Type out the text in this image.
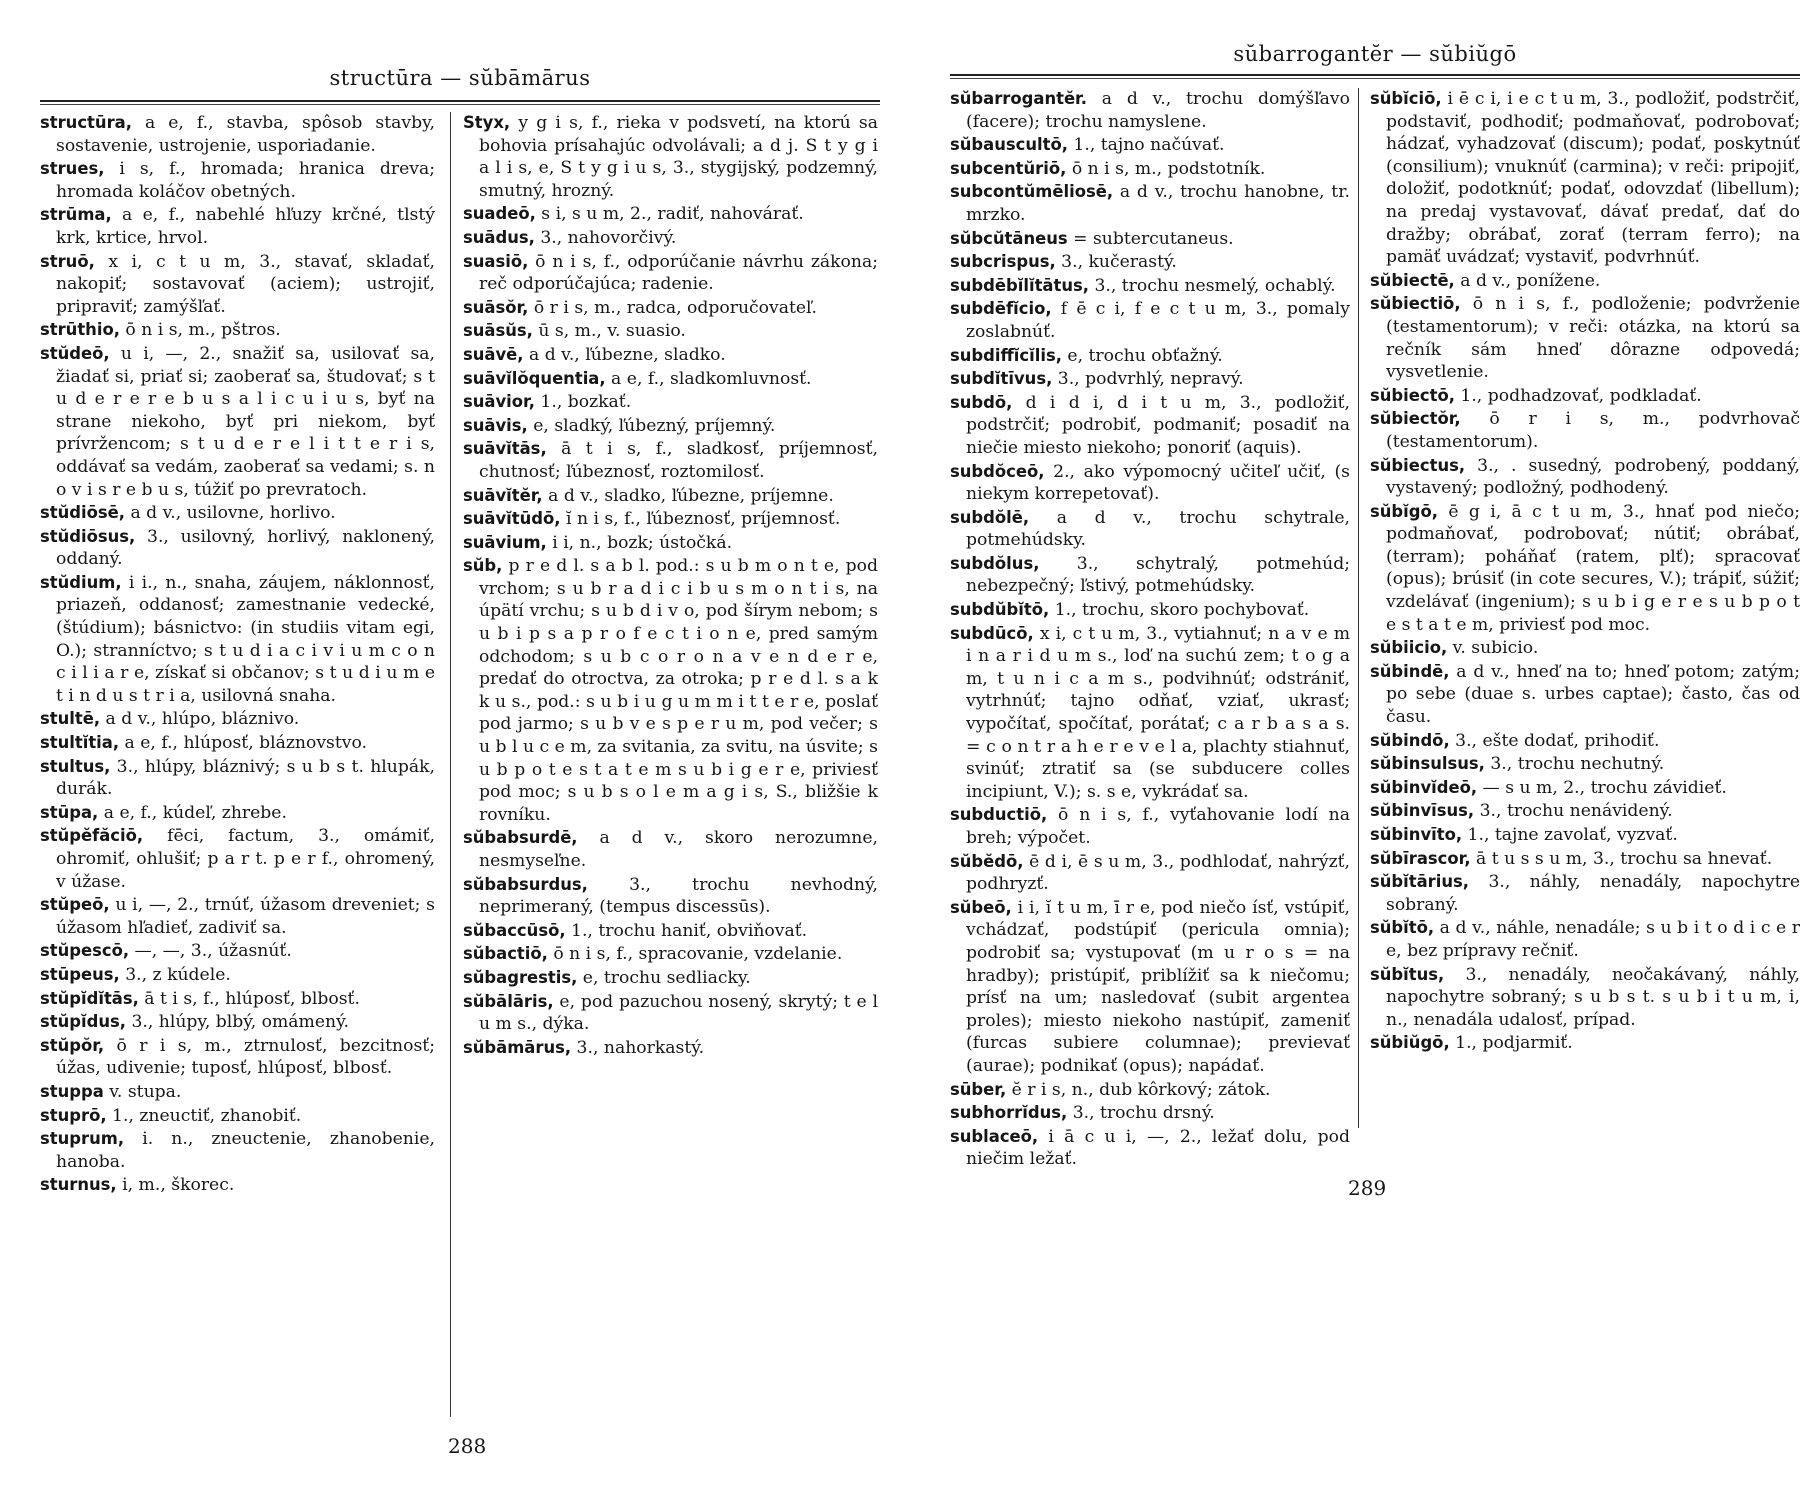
structūra — sŭbāmārus

structūra, a e, f., stavba, spôsob stavby, sostavenie, ustrojenie, usporiadanie.

strues, i s, f., hromada; hranica dreva; hromada koláčov obetných.

strūma, a e, f., nabehlé hľuzy krčné, tlstý krk, krtice, hrvol.

struō, x i, c t u m, 3., stavať, skladať, nakopiť; sostavovať (aciem); ustrojiť, pripraviť; zamýšľať.

strūthio, ō n i s, m., pštros.

stŭdeō, u i, —, 2., snažiť sa, usilovať sa, žiadať si, priať si; zaoberať sa, študovať; s t u d e r e r e b u s a l i c u i u s, byť na strane niekoho, byť pri niekom, byť prívržencom; s t u d e r e l i t t e r i s, oddávať sa vedám, zaoberať sa vedami; s. n o v i s r e b u s, túžiť po prevratoch.

stŭdiōsē, a d v., usilovne, horlivo.

stŭdiōsus, 3., usilovný, horlivý, naklonený, oddaný.

stŭdium, i i., n., snaha, záujem, náklonnosť, priazeň, oddanosť; zamestnanie vedecké, (štúdium); básnictvo: (in studiis vitam egi, O.); stranníctvo; s t u d i a c i v i u m c o n c i l i a r e, získať si občanov; s t u d i u m e t i n d u s t r i a, usilovná snaha.

stultē, a d v., hlúpo, bláznivo.

stultĭtia, a e, f., hlúposť, bláznovstvo.

stultus, 3., hlúpy, bláznivý; s u b s t. hlupák, durák.

stūpa, a e, f., kúdeľ, zhrebe.

stŭpĕfăciō, fēci, factum, 3., omámiť, ohromiť, ohlušiť; p a r t. p e r f., ohromený, v úžase.

stŭpeō, u i, —, 2., trnúť, úžasom dreveniet; s úžasom hľadieť, zadiviť sa.

stŭpescō, —, —, 3., úžasnúť.

stūpeus, 3., z kúdele.

stŭpĭdĭtās, ā t i s, f., hlúposť, blbosť.

stŭpĭdus, 3., hlúpy, blbý, omámený.

stŭpŏr, ō r i s, m., ztrnulosť, bezcitnosť; úžas, udivenie; tuposť, hlúposť, blbosť.

stuppa v. stupa.

stuprō, 1., zneuctiť, zhanobiť.

stuprum, i. n., zneuctenie, zhanobenie, hanoba.

sturnus, i, m., škorec.

Styx, y g i s, f., rieka v podsvetí, na ktorú sa bohovia prísahajúc odvolávali; a d j. S t y g i a l i s, e, S t y g i u s, 3., stygijský, podzemný, smutný, hrozný.

suadeō, s i, s u m, 2., radiť, nahovárať.

suādus, 3., nahovorčivý.

suasiō, ō n i s, f., odporúčanie návrhu zákona; reč odporúčajúca; radenie.

suāsŏr, ō r i s, m., radca, odporučovateľ.

suāsŭs, ū s, m., v. suasio.

suāvē, a d v., ľúbezne, sladko.

suāvĭlŏquentia, a e, f., sladkomluvnosť.

suāvior, 1., bozkať.

suāvis, e, sladký, ľúbezný, príjemný.

suāvĭtās, ā t i s, f., sladkosť, príjemnosť, chutnosť; ľúbeznosť, roztomilosť.

suāvĭtĕr, a d v., sladko, ľúbezne, príjemne.

suāvĭtūdō, ĭ n i s, f., ľúbeznosť, príjemnosť.

suāvium, i i, n., bozk; ústočká.

sŭb, p r e d l. s a b l. pod.: s u b m o n t e, pod vrchom; s u b r a d i c i b u s m o n t i s, na úpätí vrchu; s u b d i v o, pod šírym nebom; s u b i p s a p r o f e c t i o n e, pred samým odchodom; s u b c o r o n a v e n d e r e, predať do otroctva, za otroka; p r e d l. s a k k u s., pod.: s u b i u g u m m i t t e r e, poslať pod jarmo; s u b v e s p e r u m, pod večer; s u b l u c e m, za svitania, za svitu, na úsvite; s u b p o t e s t a t e m s u b i g e r e, priviesť pod moc; s u b s o l e m a g i s, S., bližšie k rovníku.

sŭbabsurdē, a d v., skoro nerozumne, nesmyseľne.

sŭbabsurdus, 3., trochu nevhodný, neprimeraný, (tempus discessūs).

sŭbaccūsō, 1., trochu haniť, obviňovať.

sŭbactiō, ō n i s, f., spracovanie, vzdelanie.

sŭbagrestis, e, trochu sedliacky.

sŭbālāris, e, pod pazuchou nosený, skrytý; t e l u m s., dýka.

sŭbāmārus, 3., nahorkastý.

288
sŭbarrogantĕr — sŭbiŭgō

sŭbarrogantĕr. a d v., trochu domýšľavo (facere); trochu namyslene.

sŭbauscultō, 1., tajno načúvať.

subcentŭriō, ō n i s, m., podstotník.

subcontŭmēliosē, a d v., trochu hanobne, tr. mrzko.

sŭbcŭtāneus = subtercutaneus.

subcrispus, 3., kučerastý.

subdēbĭlĭtātus, 3., trochu nesmelý, ochablý.

subdēfĭcio, f ē c i, f e c t u m, 3., pomaly zoslabnúť.

subdiffĭcĭlis, e, trochu obťažný.

subdĭtīvus, 3., podvrhlý, nepravý.

subdō, d i d i, d i t u m, 3., podložiť, podstrčiť; podrobiť, podmaniť; posadiť na niečie miesto niekoho; ponoriť (aquis).

subdŏceō, 2., ako výpomocný učiteľ učiť, (s niekym korrepetovať).

subdŏlē, a d v., trochu schytrale, potmehúdsky.

subdŏlus, 3., schytralý, potmehúd; nebezpečný; ľstivý, potmehúdsky.

subdŭbĭtō, 1., trochu, skoro pochybovať.

subdūcō, x i, c t u m, 3., vytiahnuť; n a v e m i n a r i d u m s., loď na suchú zem; t o g a m, t u n i c a m s., podvihnúť; odstrániť, vytrhnúť; tajno odňať, vziať, ukrasť; vypočítať, spočítať, porátať; c a r b a s a s. = c o n t r a h e r e v e l a, plachty stiahnuť, svinúť; ztratiť sa (se subducere colles incipiunt, V.); s. s e, vykrádať sa.

subductiō, ō n i s, f., vyťahovanie lodí na breh; výpočet.

sŭbĕdō, ē d i, ē s u m, 3., podhlodať, nahrýzť, podhryzť.

sŭbeō, i i, ĭ t u m, ī r e, pod niečo ísť, vstúpiť, vchádzať, podstúpiť (pericula omnia); podrobiť sa; vystupovať (m u r o s = na hradby); pristúpiť, priblížiť sa k niečomu; prísť na um; nasledovať (subit argentea proles); miesto niekoho nastúpiť, zameniť (furcas subiere columnae); previevať (aurae); podnikať (opus); napádať.

sūber, ĕ r i s, n., dub kôrkový; zátok.

subhorrĭdus, 3., trochu drsný.

sublaceō, i ā c u i, —, 2., ležať dolu, pod niečim ležať.

sŭbĭciō, i ē c i, i e c t u m, 3., podložiť, podstrčiť, podstaviť, podhodiť; podmaňovať, podrobovať; hádzať, vyhadzovať (discum); podať, poskytnúť (consilium); vnuknúť (carmina); v reči: pripojiť, doložiť, podotknúť; podať, odovzdať (libellum); na predaj vystavovať, dávať predať, dať do dražby; obrábať, zorať (terram ferro); na pamäť uvádzať; vystaviť, podvrhnúť.

sŭbiectē, a d v., ponížene.

sŭbiectiō, ō n i s, f., podloženie; podvrženie (testamentorum); v reči: otázka, na ktorú sa rečník sám hneď dôrazne odpovedá; vysvetlenie.

sŭbiectō, 1., podhadzovať, podkladať.

sŭbiectŏr, ō r i s, m., podvrhovač (testamentorum).

sŭbiectus, 3., . susedný, podrobený, poddaný, vystavený; podložný, podhodený.

sŭbĭgō, ē g i, ā c t u m, 3., hnať pod niečo; podmaňovať, podrobovať; nútiť; obrábať, (terram); poháňať (ratem, plť); spracovať (opus); brúsiť (in cote secures, V.); trápiť, súžiť; vzdelávať (ingenium); s u b i g e r e s u b p o t e s t a t e m, priviesť pod moc.

sŭbiicio, v. subicio.

sŭbindē, a d v., hneď na to; hneď potom; zatým; po sebe (duae s. urbes captae); často, čas od času.

sŭbindō, 3., ešte dodať, prihodiť.

sŭbinsulsus, 3., trochu nechutný.

sŭbinvĭdeō, — s u m, 2., trochu závidieť.

sŭbinvīsus, 3., trochu nenávidený.

sŭbinvīto, 1., tajne zavolať, vyzvať.

sŭbīrascor, ā t u s s u m, 3., trochu sa hnevať.

sŭbĭtārius, 3., náhly, nenadály, napochytre sobraný.

sŭbĭtō, a d v., náhle, nenadále; s u b i t o d i c e r e, bez prípravy rečniť.

sŭbĭtus, 3., nenadály, neočakávaný, náhly, napochytre sobraný; s u b s t. s u b i t u m, i, n., nenadála udalosť, prípad.

sŭbiŭgō, 1., podjarmiť.

289
